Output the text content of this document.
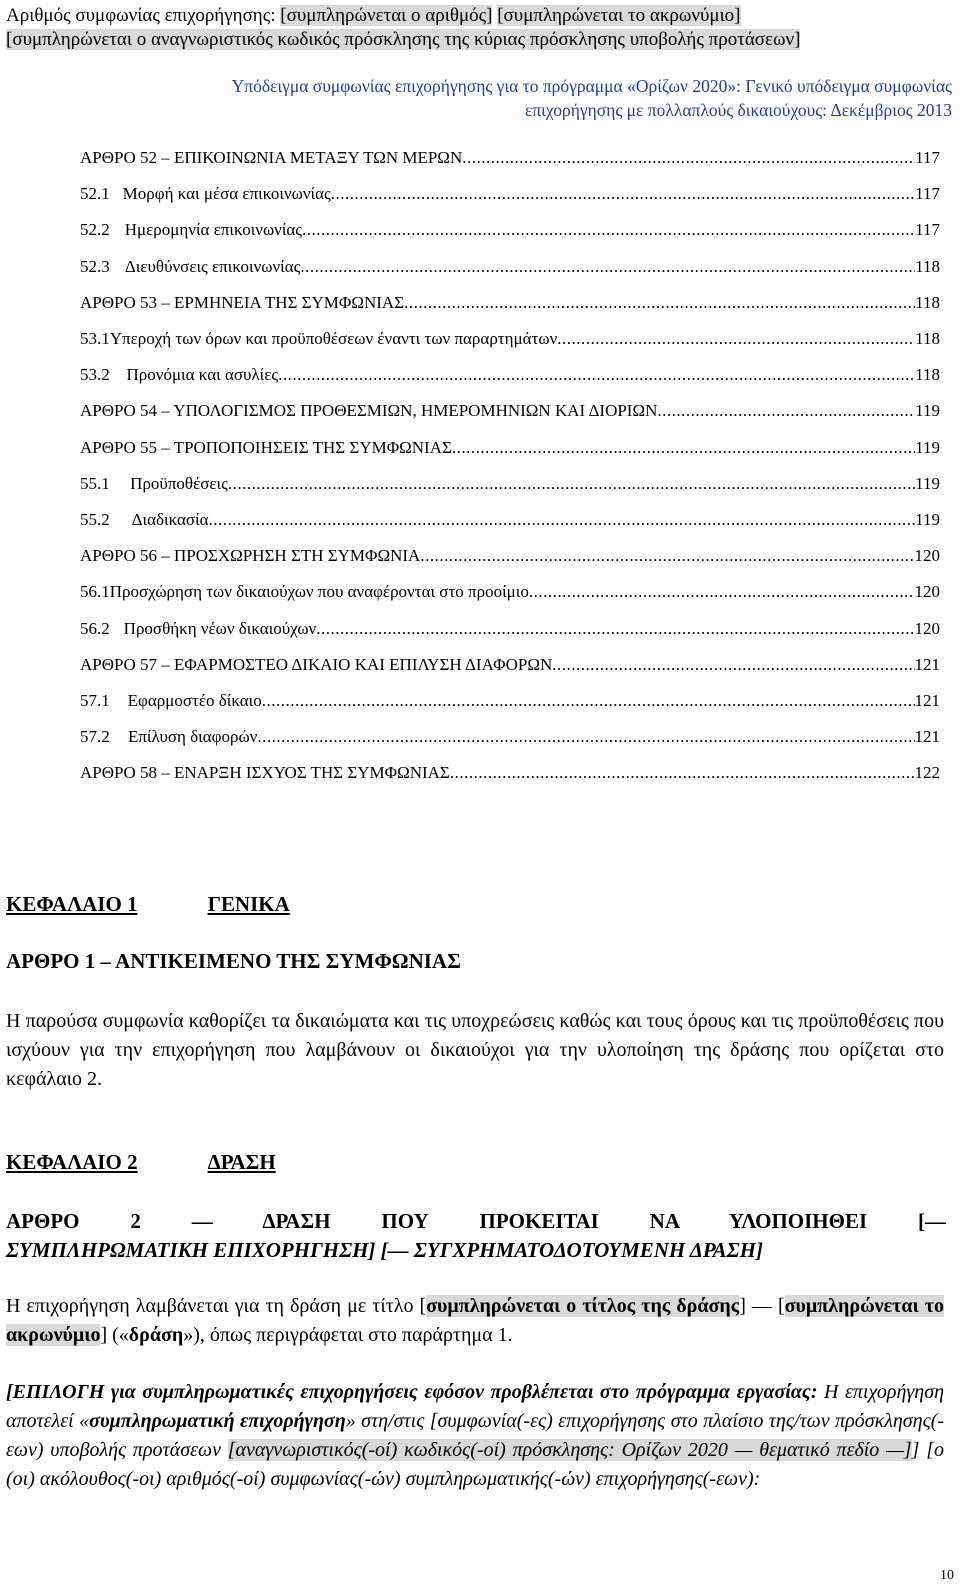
Αριθμός συμφωνίας επιχορήγησης: [συμπληρώνεται ο αριθμός] [συμπληρώνεται το ακρωνύμιο]
[συμπληρώνεται ο αναγνωριστικός κωδικός πρόσκλησης της κύριας πρόσκλησης υποβολής προτάσεων]
Υπόδειγμα συμφωνίας επιχορήγησης για το πρόγραμμα «Ορίζων 2020»: Γενικό υπόδειγμα συμφωνίας
επιχορήγησης με πολλαπλούς δικαιούχους: Δεκέμβριος 2013
ΑΡΘΡΟ 52 – ΕΠΙΚΟΙΝΩΝΙΑ ΜΕΤΑΞΥ ΤΩΝ ΜΕΡΩΝ .....	117
52.1 Μορφή και μέσα επικοινωνίας .....	117
52.2 Ημερομηνία επικοινωνίας .....	117
52.3 Διευθύνσεις επικοινωνίας .....	118
ΑΡΘΡΟ 53 – ΕΡΜΗΝΕΙΑ ΤΗΣ ΣΥΜΦΩΝΙΑΣ .....	118
53.1 Υπεροχή των όρων και προϋποθέσεων έναντι των παραρτημάτων .....	118
53.2 Προνόμια και ασυλίες .....	118
ΑΡΘΡΟ 54 – ΥΠΟΛΟΓΙΣΜΟΣ ΠΡΟΘΕΣΜΙΩΝ, ΗΜΕΡΟΜΗΝΙΩΝ ΚΑΙ ΔΙΟΡΙΩΝ .....	119
ΑΡΘΡΟ 55 – ΤΡΟΠΟΠΟΙΗΣΕΙΣ ΤΗΣ ΣΥΜΦΩΝΙΑΣ .....	119
55.1	Προϋποθέσεις .....	119
55.2	Διαδικασία .....	119
ΑΡΘΡΟ 56 – ΠΡΟΣΧΩΡΗΣΗ ΣΤΗ ΣΥΜΦΩΝΙΑ .....	120
56.1 Προσχώρηση των δικαιούχων που αναφέρονται στο προοίμιο .....	120
56.2 Προσθήκη νέων δικαιούχων .....	120
ΑΡΘΡΟ 57 – ΕΦΑΡΜΟΣΤΕΟ ΔΙΚΑΙΟ ΚΑΙ ΕΠΙΛΥΣΗ ΔΙΑΦΟΡΩΝ .....	121
57.1	Εφαρμοστέο δίκαιο .....	121
57.2	Επίλυση διαφορών .....	121
ΑΡΘΡΟ 58 – ΕΝΑΡΞΗ ΙΣΧΥΟΣ ΤΗΣ ΣΥΜΦΩΝΙΑΣ .....	122
ΚΕΦΑΛΑΙΟ 1	ΓΕΝΙΚΑ
ΑΡΘΡΟ 1 – ΑΝΤΙΚΕΙΜΕΝΟ ΤΗΣ ΣΥΜΦΩΝΙΑΣ
Η παρούσα συμφωνία καθορίζει τα δικαιώματα και τις υποχρεώσεις καθώς και τους όρους και τις προϋποθέσεις που ισχύουν για την επιχορήγηση που λαμβάνουν οι δικαιούχοι για την υλοποίηση της δράσης που ορίζεται στο κεφάλαιο 2.
ΚΕΦΑΛΑΙΟ 2	ΔΡΑΣΗ
ΑΡΘΡΟ 2 — ΔΡΑΣΗ ΠΟΥ ΠΡΟΚΕΙΤΑΙ ΝΑ ΥΛΟΠΟΙΗΘΕΙ [—
ΣΥΜΠΛΗΡΩΜΑΤΙΚΗ ΕΠΙΧΟΡΗΓΗΣΗ] [— ΣΥΓΧΡΗΜΑΤΟΔΟΤΟΥΜΕΝΗ ΔΡΑΣΗ]
Η επιχορήγηση λαμβάνεται για τη δράση με τίτλο [συμπληρώνεται ο τίτλος της δράσης] — [συμπληρώνεται το ακρωνύμιο] («δράση»), όπως περιγράφεται στο παράρτημα 1.
[ΕΠΙΛΟΓΗ για συμπληρωματικές επιχορηγήσεις εφόσον προβλέπεται στο πρόγραμμα εργασίας: Η επιχορήγηση αποτελεί «συμπληρωματική επιχορήγηση» στη/στις [συμφωνία(-ες) επιχορήγησης στο πλαίσιο της/των πρόσκλησης(-εων) υποβολής προτάσεων [αναγνωριστικός(-οί) κωδικός(-οί) πρόσκλησης: Ορίζων 2020 — θεματικό πεδίο —]] [ο (οι) ακόλουθος(-οι) αριθμός(-οί) συμφωνίας(-ών) συμπληρωματικής(-ών) επιχορήγησης(-εων):
10
